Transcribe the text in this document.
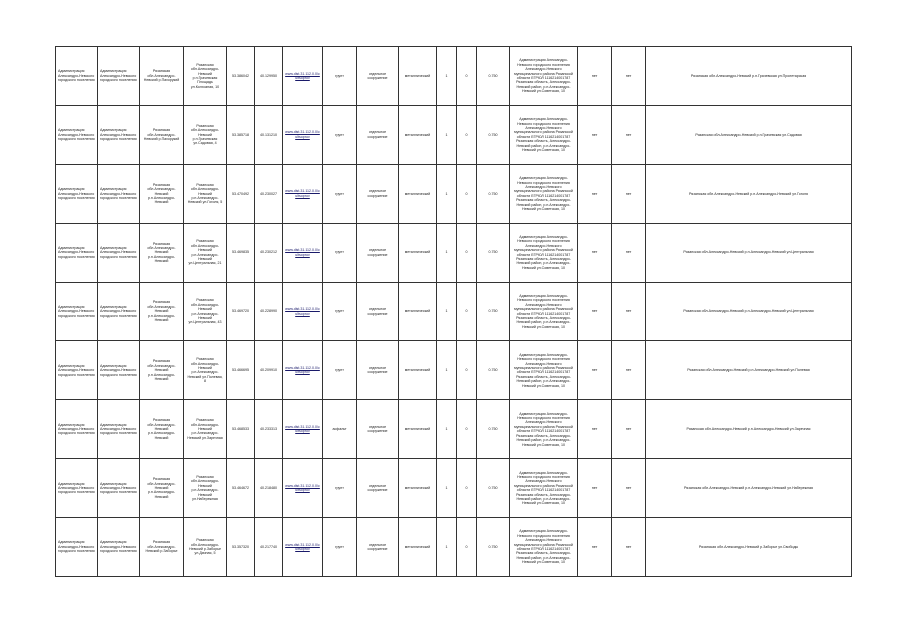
Администрация Александро-Невского городского поселения	Администрация Александро-Невского городского поселения	Рязанская обл.Александро-Невский р.Пахорукий	Рязанская обл.Александро-Невский р.п.Грачевская Площадь ул.Колхозная, 10	53.386042	40.129950	www.dist.31.112.0.0/cultsoprov	грунт	отдельное сооружение	металлический	1	0	0.750	Администрация Александро-Невского городского поселения Александро-Невского муниципального района Рязанской области ЕГРЮЛ 1116214001787 Рязанская область, Александро-Невский район, р.п.Александро-Невский ул.Советская, 10	нет	нет	Рязанская обл.Александро-Невский р.п.Грачевская ул.Пролетарская
Администрация Александро-Невского городского поселения	Администрация Александро-Невского городского поселения	Рязанская обл.Александро-Невский р.Пахорукий	Рязанская обл.Александро-Невский р.п.Грачевская ул.Садовая, 4	53.385718	40.131210	www.dist.31.112.0.0/cultsoprov	грунт	отдельное сооружение	металлический	1	0	0.750	Администрация Александро-Невского городского поселения Александро-Невского муниципального района Рязанской области ЕГРЮЛ 1116214001787 Рязанская область, Александро-Невский район, р.п.Александро-Невский ул.Советская, 10	нет	нет	Рязанская обл.Александро-Невский р.п.Грачевская ул.Садовая
Администрация Александро-Невского городского поселения	Администрация Александро-Невского городского поселения	Рязанская обл.Александро-Невский р.п.Александро-Невский	Рязанская обл.Александро-Невский р.п.Александро-Невский ул.Гоголя, 5	53.470492	40.230027	www.dist.31.112.0.0/cultsoprov	грунт	отдельное сооружение	металлический	1	0	0.750	Администрация Александро-Невского городского поселения Александро-Невского муниципального района Рязанской области ЕГРЮЛ 1116214001787 Рязанская область, Александро-Невский район, р.п.Александро-Невский ул.Советская, 10	нет	нет	Рязанская обл.Александро-Невский р.п.Александро-Невский ул.Гоголя
Администрация Александро-Невского городского поселения	Администрация Александро-Невского городского поселения	Рязанская обл.Александро-Невский р.п.Александро-Невский	Рязанская обл.Александро-Невский р.п.Александро-Невский ул.Центральная, 21	53.469835	40.230212	www.dist.31.112.0.0/cultsoprov	грунт	отдельное сооружение	металлический	1	0	0.750	Администрация Александро-Невского городского поселения Александро-Невского муниципального района Рязанской области ЕГРЮЛ 1116214001787 Рязанская область, Александро-Невский район, р.п.Александро-Невский ул.Советская, 10	нет	нет	Рязанская обл.Александро-Невский р.п.Александро-Невский ул.Центральная
Администрация Александро-Невского городского поселения	Администрация Александро-Невского городского поселения	Рязанская обл.Александро-Невский р.п.Александро-Невский	Рязанская обл.Александро-Невский р.п.Александро-Невский ул.Центральная, 43	53.469720	40.228990	www.dist.31.112.0.0/cultsoprov	грунт	отдельное сооружение	металлический	1	0	0.750	Администрация Александро-Невского городского поселения Александро-Невского муниципального района Рязанской области ЕГРЮЛ 1116214001787 Рязанская область, Александро-Невский район, р.п.Александро-Невский ул.Советская, 10	нет	нет	Рязанская обл.Александро-Невский р.п.Александро-Невский ул.Центральная
Администрация Александро-Невского городского поселения	Администрация Александро-Невского городского поселения	Рязанская обл.Александро-Невский р.п.Александро-Невский	Рязанская обл.Александро-Невский р.п.Александро-Невский ул.Полевая, 8	53.466695	40.209910	www.dist.31.112.0.0/cultsoprov	грунт	отдельное сооружение	металлический	1	0	0.750	Администрация Александро-Невского городского поселения Александро-Невского муниципального района Рязанской области ЕГРЮЛ 1116214001787 Рязанская область, Александро-Невский район, р.п.Александро-Невский ул.Советская, 10	нет	нет	Рязанская обл.Александро-Невский р.п.Александро-Невский ул.Полевая
Администрация Александро-Невского городского поселения	Администрация Александро-Невского городского поселения	Рязанская обл.Александро-Невский р.п.Александро-Невский	Рязанская обл.Александро-Невский р.п.Александро-Невский ул.Заречная	53.468533	40.233313	www.dist.31.112.0.0/cultsoprov	асфальт	отдельное сооружение	металлический	1	0	0.750	Администрация Александро-Невского городского поселения Александро-Невского муниципального района Рязанской области ЕГРЮЛ 1116214001787 Рязанская область, Александро-Невский район, р.п.Александро-Невский ул.Советская, 10	нет	нет	Рязанская обл.Александро-Невский р.п.Александро-Невский ул.Заречная
Администрация Александро-Невского городского поселения	Администрация Александро-Невского городского поселения	Рязанская обл.Александро-Невский р.п.Александро-Невский	Рязанская обл.Александро-Невский р.п.Александро-Невский ул.Набережная	53.464672	40.218480	www.dist.31.112.0.0/cultsoprov	грунт	отдельное сооружение	металлический	1	0	0.750	Администрация Александро-Невского городского поселения Александро-Невского муниципального района Рязанской области ЕГРЮЛ 1116214001787 Рязанская область, Александро-Невский район, р.п.Александро-Невский ул.Советская, 10	нет	нет	Рязанская обл.Александро-Невский р.п.Александро-Невский ул.Набережная
Администрация Александро-Невского городского поселения	Администрация Александро-Невского городского поселения	Рязанская обл.Александро-Невский р.Заборье	Рязанская обл.Александро-Невский р.Заборье ул.Дачная, 5	53.357320	40.217740	www.dist.31.112.0.0/cultsoprov	грунт	отдельное сооружение	металлический	1	0	0.750	Администрация Александро-Невского городского поселения Александро-Невского муниципального района Рязанской области ЕГРЮЛ 1116214001787 Рязанская область, Александро-Невский район, р.п.Александро-Невский ул.Советская, 10	нет	нет	Рязанская обл.Александро-Невский р.Заборье ул.Свободы
